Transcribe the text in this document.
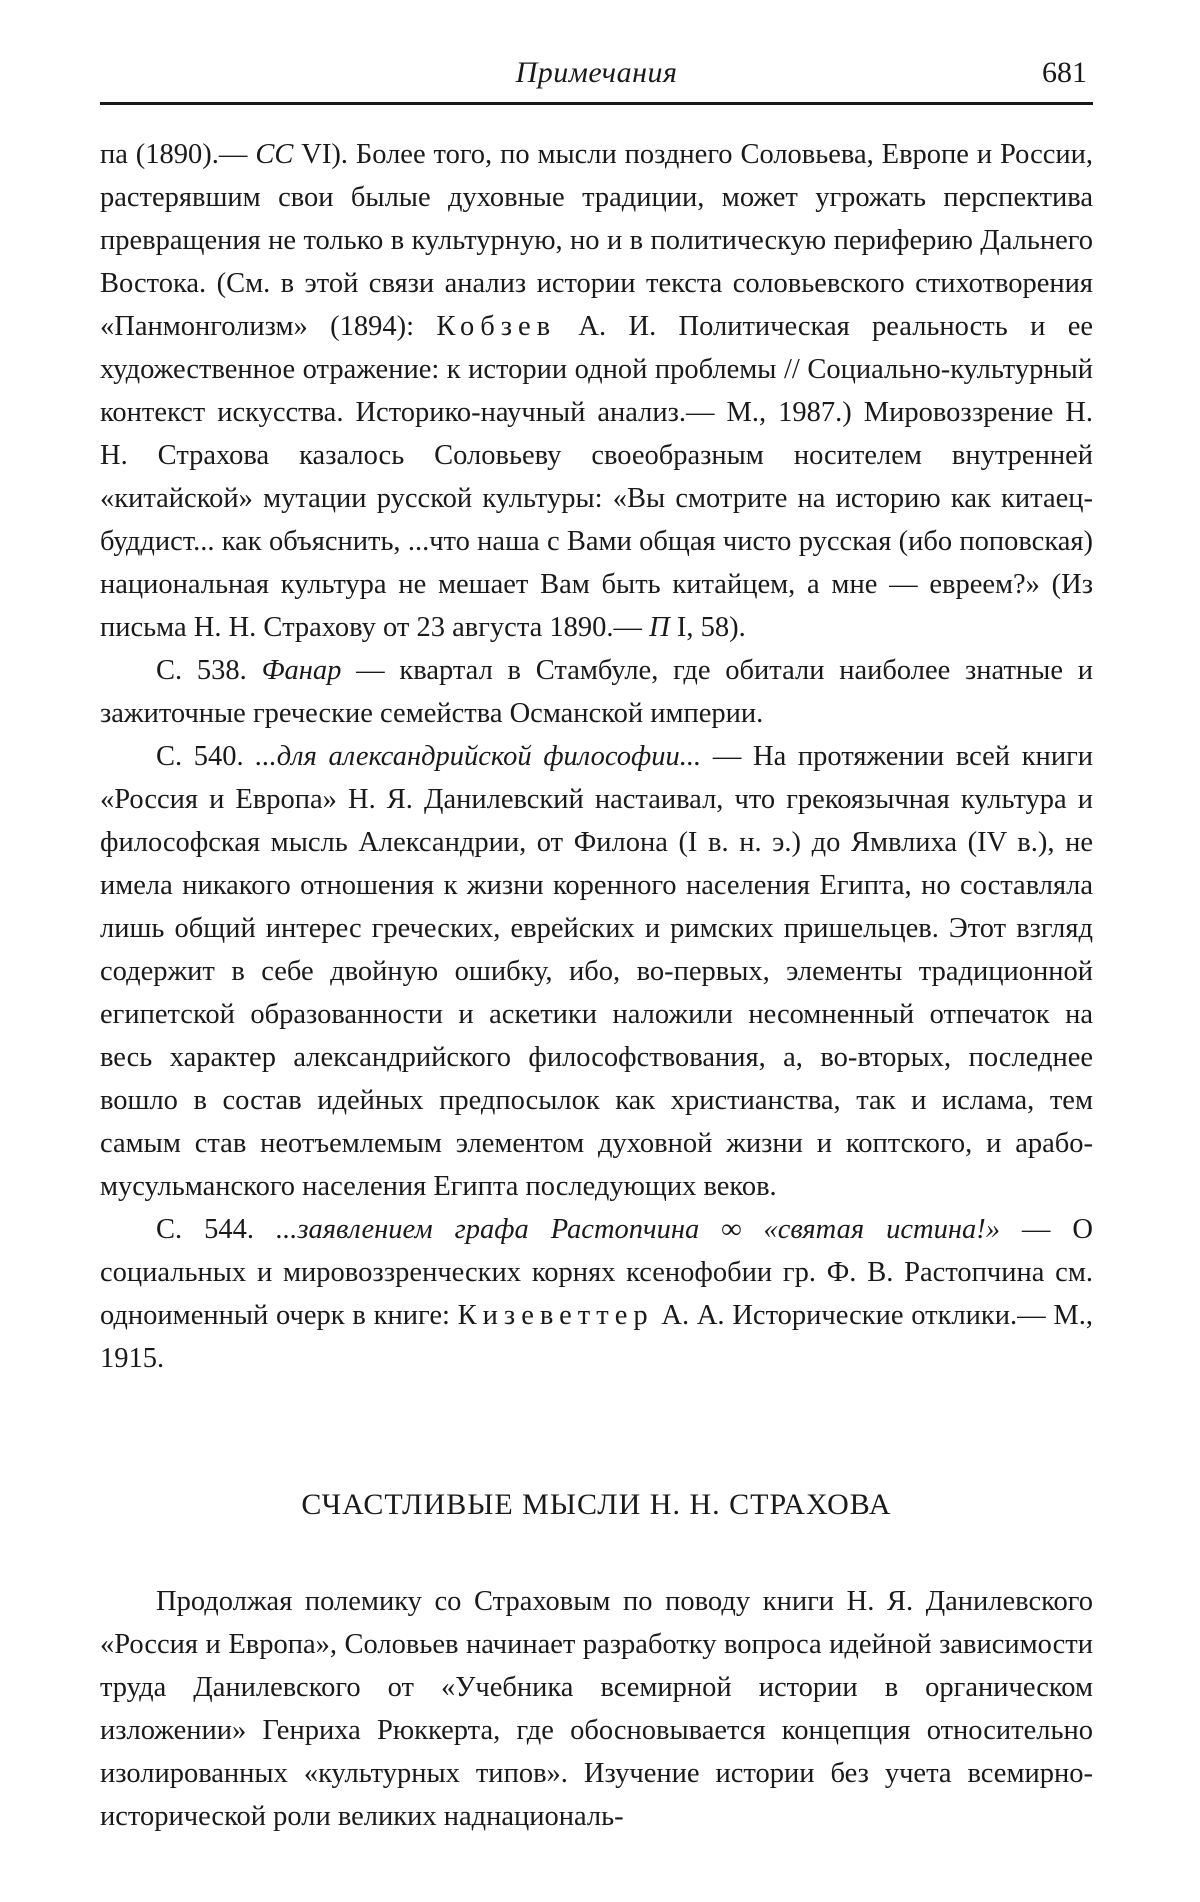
Примечания	681

па (1890).— СС VI). Более того, по мысли позднего Соловьева, Европе и России, растерявшим свои былые духовные традиции, может угрожать перспектива превращения не только в культурную, но и в политическую периферию Дальнего Востока. (См. в этой связи анализ истории текста соловьевского стихотворения «Панмонголизм» (1894): Кобзев А. И. Политическая реальность и ее художественное отражение: к истории одной проблемы // Социально-культурный контекст искусства. Историко-научный анализ.— М., 1987.) Мировоззрение Н. Н. Страхова казалось Соловьеву своеобразным носителем внутренней «китайской» мутации русской культуры: «Вы смотрите на историю как китаец-буддист... как объяснить, ...что наша с Вами общая чисто русская (ибо поповская) национальная культура не мешает Вам быть китайцем, а мне — евреем?» (Из письма Н. Н. Страхову от 23 августа 1890.— П I, 58).

С. 538. Фанар — квартал в Стамбуле, где обитали наиболее знатные и зажиточные греческие семейства Османской империи.

С. 540. ...для александрийской философии... — На протяжении всей книги «Россия и Европа» Н. Я. Данилевский настаивал, что грекоязычная культура и философская мысль Александрии, от Филона (I в. н. э.) до Ямвлиха (IV в.), не имела никакого отношения к жизни коренного населения Египта, но составляла лишь общий интерес греческих, еврейских и римских пришельцев. Этот взгляд содержит в себе двойную ошибку, ибо, во-первых, элементы традиционной египетской образованности и аскетики наложили несомненный отпечаток на весь характер александрийского философствования, а, во-вторых, последнее вошло в состав идейных предпосылок как христианства, так и ислама, тем самым став неотъемлемым элементом духовной жизни и коптского, и арабо-мусульманского населения Египта последующих веков.

С. 544. ...заявлением графа Растопчина ∞ «святая истина!» — О социальных и мировоззренческих корнях ксенофобии гр. Ф. В. Растопчина см. одноименный очерк в книге: Кизеветтер А. А. Исторические отклики.— М., 1915.

СЧАСТЛИВЫЕ МЫСЛИ Н. Н. СТРАХОВА

Продолжая полемику со Страховым по поводу книги Н. Я. Данилевского «Россия и Европа», Соловьев начинает разработку вопроса идейной зависимости труда Данилевского от «Учебника всемирной истории в органическом изложении» Генриха Рюккерта, где обосновывается концепция относительно изолированных «культурных типов». Изучение истории без учета всемирно-исторической роли великих наднациональ-
